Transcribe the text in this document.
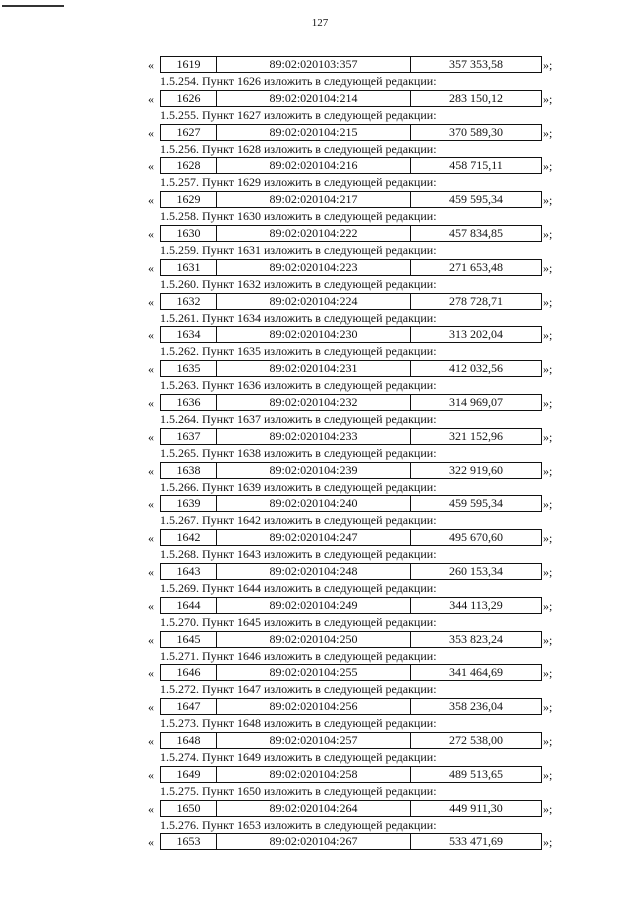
127
«	1619	89:02:020103:357	357 353,58	»;
1.5.254. Пункт 1626 изложить в следующей редакции:
«	1626	89:02:020104:214	283 150,12	»;
1.5.255. Пункт 1627 изложить в следующей редакции:
«	1627	89:02:020104:215	370 589,30	»;
1.5.256. Пункт 1628 изложить в следующей редакции:
«	1628	89:02:020104:216	458 715,11	»;
1.5.257. Пункт 1629 изложить в следующей редакции:
«	1629	89:02:020104:217	459 595,34	»;
1.5.258. Пункт 1630 изложить в следующей редакции:
«	1630	89:02:020104:222	457 834,85	»;
1.5.259. Пункт 1631 изложить в следующей редакции:
«	1631	89:02:020104:223	271 653,48	»;
1.5.260. Пункт 1632 изложить в следующей редакции:
«	1632	89:02:020104:224	278 728,71	»;
1.5.261. Пункт 1634 изложить в следующей редакции:
«	1634	89:02:020104:230	313 202,04	»;
1.5.262. Пункт 1635 изложить в следующей редакции:
«	1635	89:02:020104:231	412 032,56	»;
1.5.263. Пункт 1636 изложить в следующей редакции:
«	1636	89:02:020104:232	314 969,07	»;
1.5.264. Пункт 1637 изложить в следующей редакции:
«	1637	89:02:020104:233	321 152,96	»;
1.5.265. Пункт 1638 изложить в следующей редакции:
«	1638	89:02:020104:239	322 919,60	»;
1.5.266. Пункт 1639 изложить в следующей редакции:
«	1639	89:02:020104:240	459 595,34	»;
1.5.267. Пункт 1642 изложить в следующей редакции:
«	1642	89:02:020104:247	495 670,60	»;
1.5.268. Пункт 1643 изложить в следующей редакции:
«	1643	89:02:020104:248	260 153,34	»;
1.5.269. Пункт 1644 изложить в следующей редакции:
«	1644	89:02:020104:249	344 113,29	»;
1.5.270. Пункт 1645 изложить в следующей редакции:
«	1645	89:02:020104:250	353 823,24	»;
1.5.271. Пункт 1646 изложить в следующей редакции:
«	1646	89:02:020104:255	341 464,69	»;
1.5.272. Пункт 1647 изложить в следующей редакции:
«	1647	89:02:020104:256	358 236,04	»;
1.5.273. Пункт 1648 изложить в следующей редакции:
«	1648	89:02:020104:257	272 538,00	»;
1.5.274. Пункт 1649 изложить в следующей редакции:
«	1649	89:02:020104:258	489 513,65	»;
1.5.275. Пункт 1650 изложить в следующей редакции:
«	1650	89:02:020104:264	449 911,30	»;
1.5.276. Пункт 1653 изложить в следующей редакции:
«	1653	89:02:020104:267	533 471,69	»;
